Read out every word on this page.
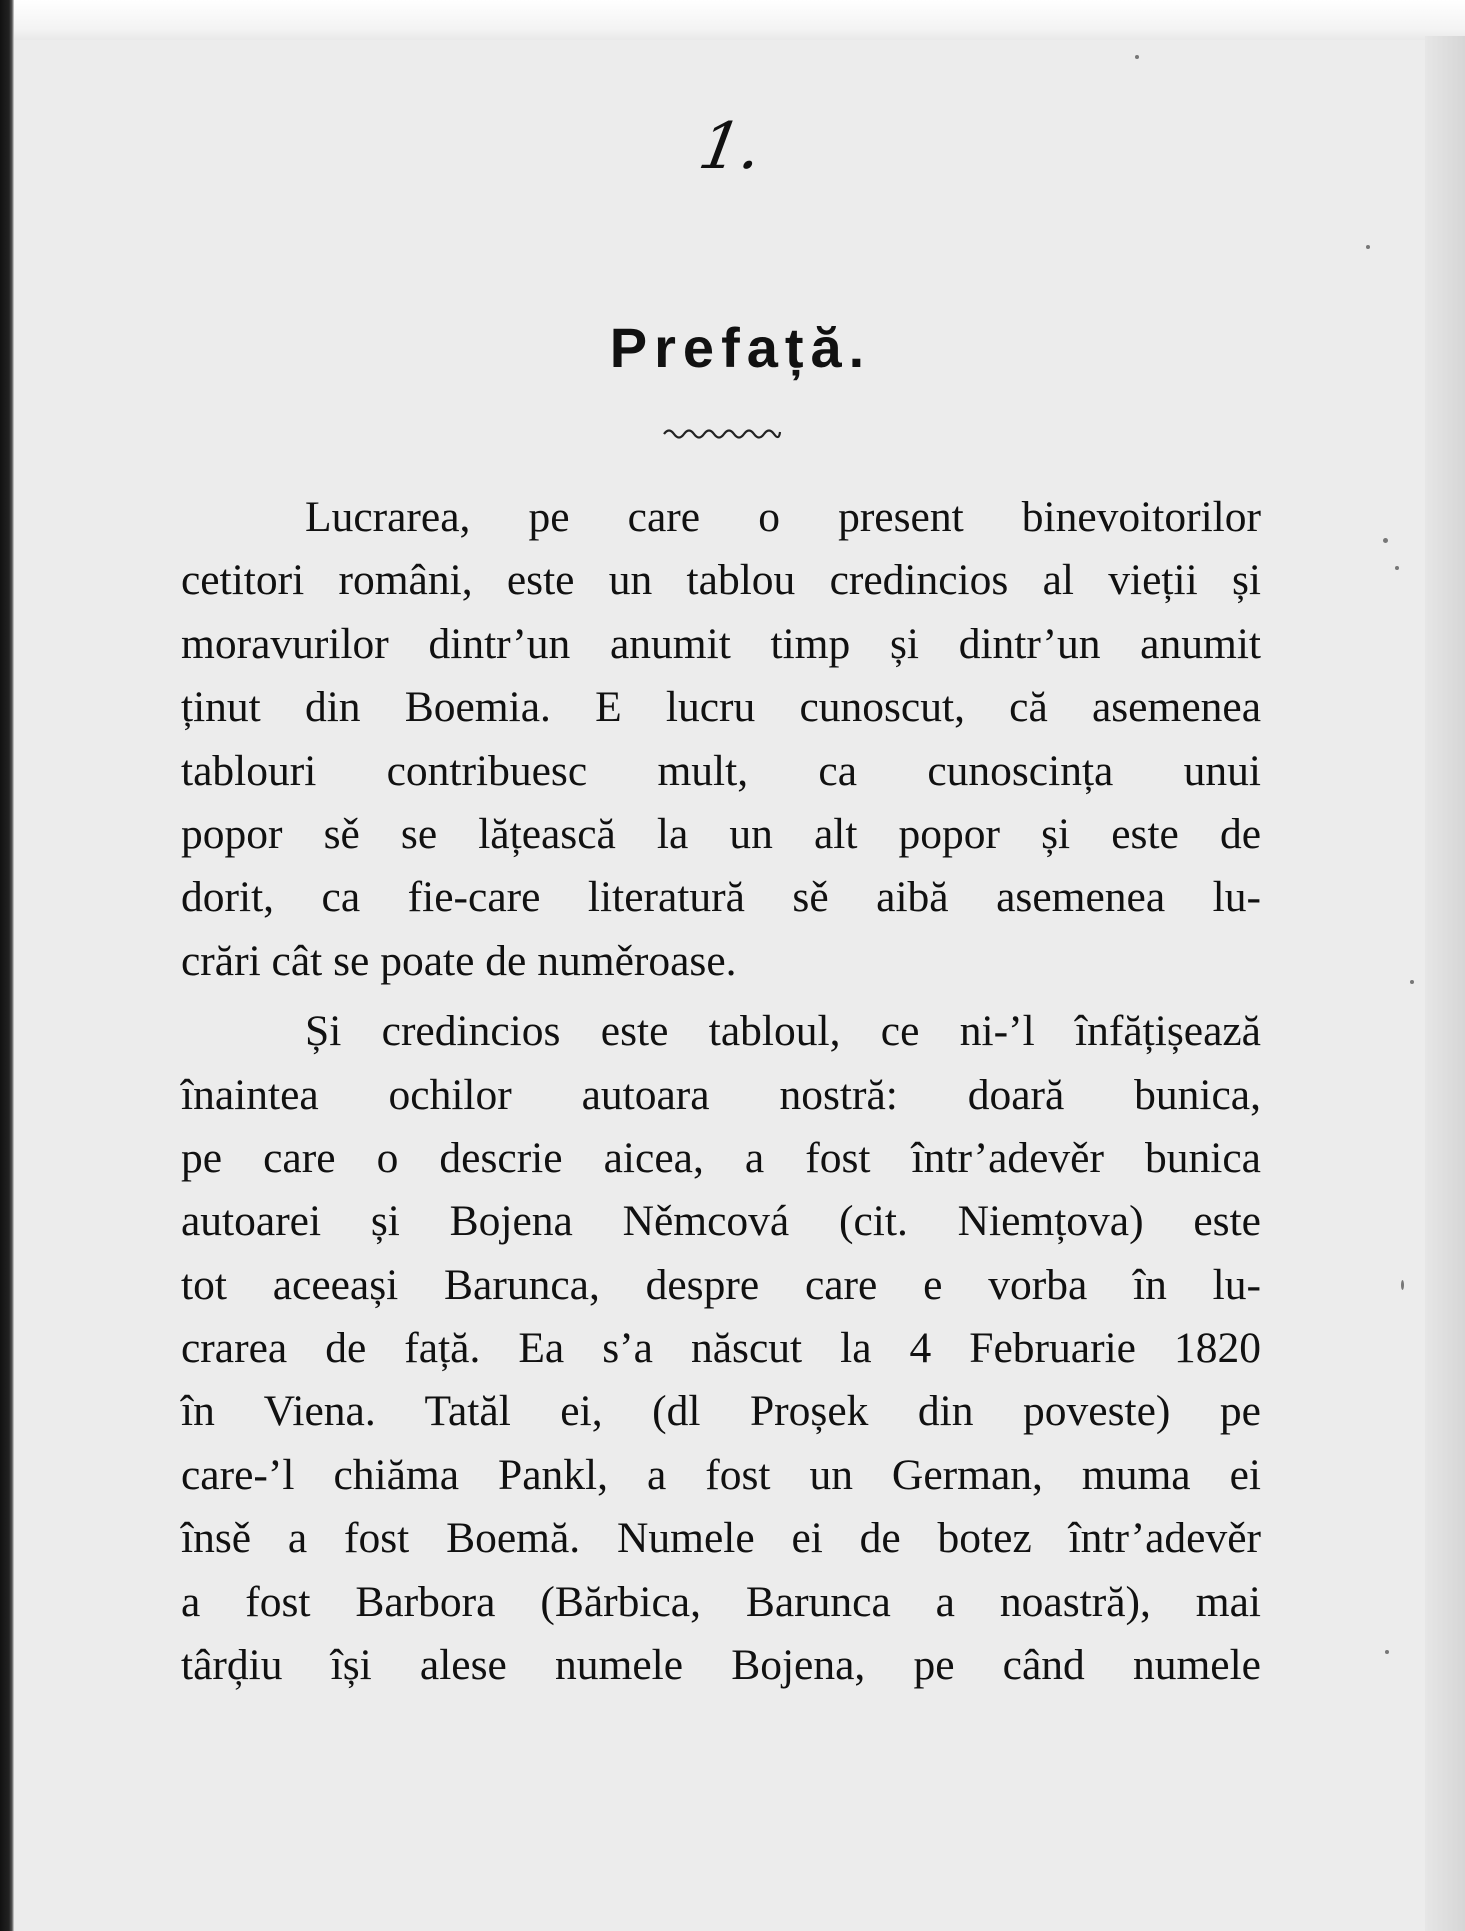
1.
Prefață.
Lucrarea, pe care o present binevoitorilor
cetitori români, este un tablou credincios al vieții și
moravurilor dintr’un anumit timp și dintr’un anumit
ținut din Boemia. E lucru cunoscut, că asemenea
tablouri contribuesc mult, ca cunoscința unui
popor sě se lățească la un alt popor și este de
dorit, ca fie-care literatură sě aibă asemenea lu-
crări cât se poate de numěroase.
Și credincios este tabloul, ce ni-’l înfățișează
înaintea ochilor autoara nostră: doară bunica,
pe care o descrie aicea, a fost într’adevěr bunica
autoarei și Bojena Němcová (cit. Niemțova) este
tot aceeași Barunca, despre care e vorba în lu-
crarea de față. Ea s’a născut la 4 Februarie 1820
în Viena. Tatăl ei, (dl Proșek din poveste) pe
care-’l chiăma Pankl, a fost un German, muma ei
însě a fost Boemă. Numele ei de botez într’adevěr
a fost Barbora (Bărbica, Barunca a noastră), mai
târḑiu își alese numele Bojena, pe când numele
